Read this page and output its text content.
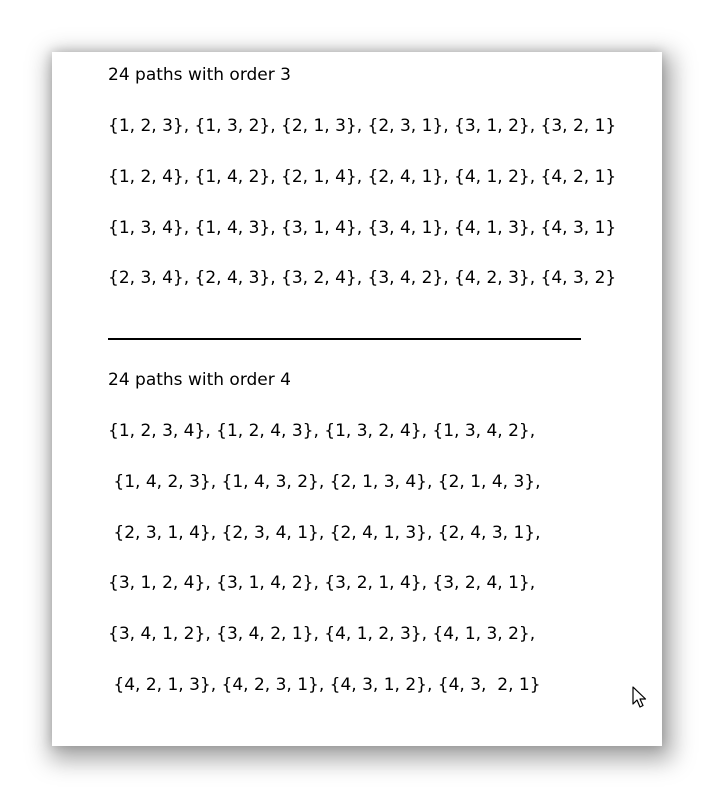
24 paths with order 3

{1, 2, 3}, {1, 3, 2}, {2, 1, 3}, {2, 3, 1}, {3, 1, 2}, {3, 2, 1}

{1, 2, 4}, {1, 4, 2}, {2, 1, 4}, {2, 4, 1}, {4, 1, 2}, {4, 2, 1}

{1, 3, 4}, {1, 4, 3}, {3, 1, 4}, {3, 4, 1}, {4, 1, 3}, {4, 3, 1}

{2, 3, 4}, {2, 4, 3}, {3, 2, 4}, {3, 4, 2}, {4, 2, 3}, {4, 3, 2}

24 paths with order 4

{1, 2, 3, 4}, {1, 2, 4, 3}, {1, 3, 2, 4}, {1, 3, 4, 2},

{1, 4, 2, 3}, {1, 4, 3, 2}, {2, 1, 3, 4}, {2, 1, 4, 3},

{2, 3, 1, 4}, {2, 3, 4, 1}, {2, 4, 1, 3}, {2, 4, 3, 1},

{3, 1, 2, 4}, {3, 1, 4, 2}, {3, 2, 1, 4}, {3, 2, 4, 1},

{3, 4, 1, 2}, {3, 4, 2, 1}, {4, 1, 2, 3}, {4, 1, 3, 2},

{4, 2, 1, 3}, {4, 2, 3, 1}, {4, 3, 1, 2}, {4, 3,  2, 1}
